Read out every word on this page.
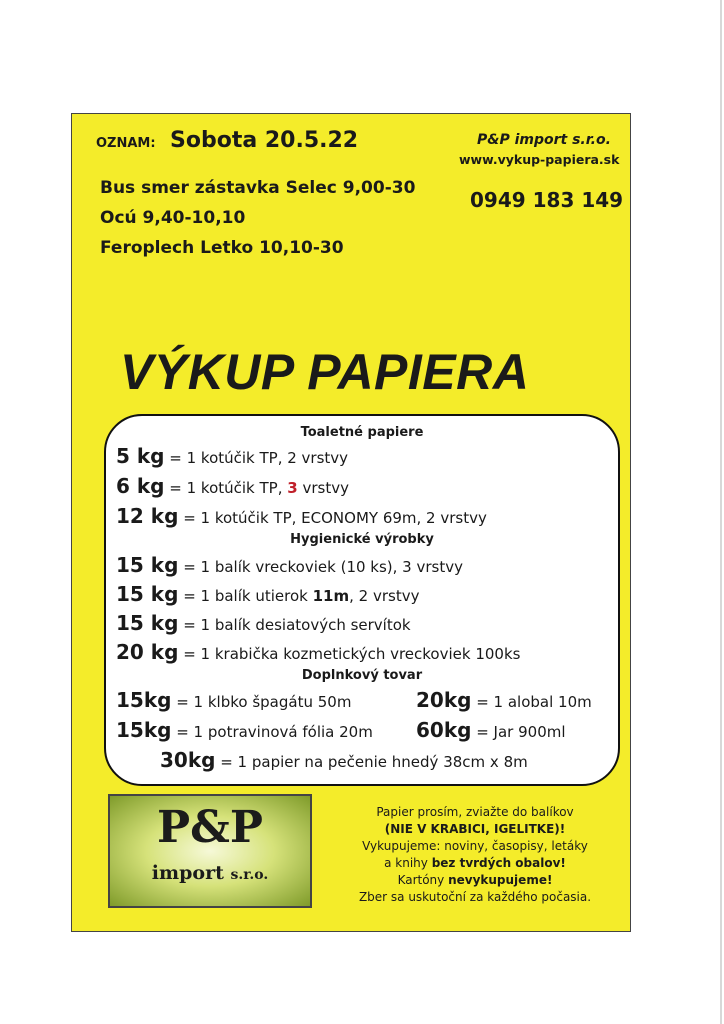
OZNAM: Sobota 20.5.22	P&P import s.r.o.
www.vykup-papiera.sk
0949 183 149
Bus smer zástavka Selec 9,00-30
Ocú 9,40-10,10
Feroplech Letko 10,10-30
VÝKUP PAPIERA
Toaletné papiere
5 kg = 1 kotúčik TP, 2 vrstvy
6 kg = 1 kotúčik TP, 3 vrstvy
12 kg = 1 kotúčik TP, ECONOMY 69m, 2 vrstvy
Hygienické výrobky
15 kg = 1 balík vreckoviek (10 ks), 3 vrstvy
15 kg = 1 balík utierok 11m, 2 vrstvy
15 kg = 1 balík desiatových servítok
20 kg = 1 krabička kozmetických vreckoviek 100ks
Doplnkový tovar
15kg = 1 klbko špagátu 50m	20kg = 1 alobal 10m
15kg = 1 potravinová fólia 20m 60kg = Jar 900ml
30kg = 1 papier na pečenie hnedý 38cm x 8m
P&P
import s.r.o.
Papier prosím, zviažte do balíkov
(NIE V KRABICI, IGELITKE)!
Vykupujeme: noviny, časopisy, letáky
a knihy bez tvrdých obalov!
Kartóny nevykupujeme!
Zber sa uskutoční za každého počasia.
